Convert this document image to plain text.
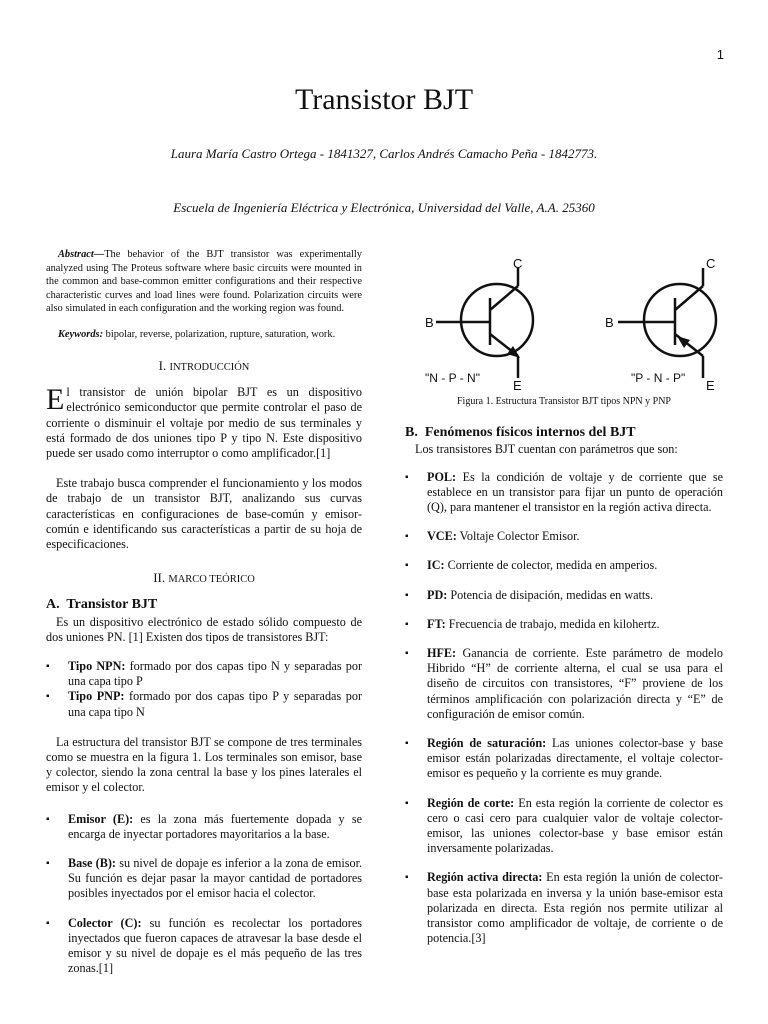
1
Transistor BJT
Laura María Castro Ortega - 1841327, Carlos Andrés Camacho Peña - 1842773.
Escuela de Ingeniería Eléctrica y Electrónica, Universidad del Valle, A.A. 25360

Abstract—The behavior of the BJT transistor was experimentally analyzed using The Proteus software where basic circuits were mounted in the common and base-common emitter configurations and their respective characteristic curves and load lines were found. Polarization circuits were also simulated in each configuration and the working region was found.

Keywords: bipolar, reverse, polarization, rupture, saturation, work.

I. INTRODUCCIÓN

El transistor de unión bipolar BJT es un dispositivo electrónico semiconductor que permite controlar el paso de corriente o disminuir el voltaje por medio de sus terminales y está formado de dos uniones tipo P y tipo N. Este dispositivo puede ser usado como interruptor o como amplificador.[1]

Este trabajo busca comprender el funcionamiento y los modos de trabajo de un transistor BJT, analizando sus curvas características en configuraciones de base-común y emisor-común e identificando sus características a partir de su hoja de especificaciones.

II. MARCO TEÓRICO
A. Transistor BJT

Es un dispositivo electrónico de estado sólido compuesto de dos uniones PN. [1] Existen dos tipos de transistores BJT:

▪ Tipo NPN: formado por dos capas tipo N y separadas por una capa tipo P
▪ Tipo PNP: formado por dos capas tipo P y separadas por una capa tipo N

La estructura del transistor BJT se compone de tres terminales como se muestra en la figura 1. Los terminales son emisor, base y colector, siendo la zona central la base y los pines laterales el emisor y el colector.

▪ Emisor (E): es la zona más fuertemente dopada y se encarga de inyectar portadores mayoritarios a la base.
▪ Base (B): su nivel de dopaje es inferior a la zona de emisor. Su función es dejar pasar la mayor cantidad de portadores posibles inyectados por el emisor hacia el colector.
▪ Colector (C): su función es recolectar los portadores inyectados que fueron capaces de atravesar la base desde el emisor y su nivel de dopaje es el más pequeño de las tres zonas.[1]
C
B
E
"N - P - N"
C
B
E
"P - N - P"
Figura 1. Estructura Transistor BJT tipos NPN y PNP
B. Fenómenos físicos internos del BJT

Los transistores BJT cuentan con parámetros que son:

▪ POL: Es la condición de voltaje y de corriente que se establece en un transistor para fijar un punto de operación (Q), para mantener el transistor en la región activa directa.
▪ VCE: Voltaje Colector Emisor.
▪ IC: Corriente de colector, medida en amperios.
▪ PD: Potencia de disipación, medidas en watts.
▪ FT: Frecuencia de trabajo, medida en kilohertz.
▪ HFE: Ganancia de corriente. Este parámetro de modelo Hibrido “H” de corriente alterna, el cual se usa para el diseño de circuitos con transistores, “F” proviene de los términos amplificación con polarización directa y “E” de configuración de emisor común.
▪ Región de saturación: Las uniones colector-base y base emisor están polarizadas directamente, el voltaje colector-emisor es pequeño y la corriente es muy grande.
▪ Región de corte: En esta región la corriente de colector es cero o casi cero para cualquier valor de voltaje colector-emisor, las uniones colector-base y base emisor están inversamente polarizadas.
▪ Región activa directa: En esta región la unión de colector-base esta polarizada en inversa y la unión base-emisor esta polarizada en directa. Esta región nos permite utilizar al transistor como amplificador de voltaje, de corriente o de potencia.[3]
